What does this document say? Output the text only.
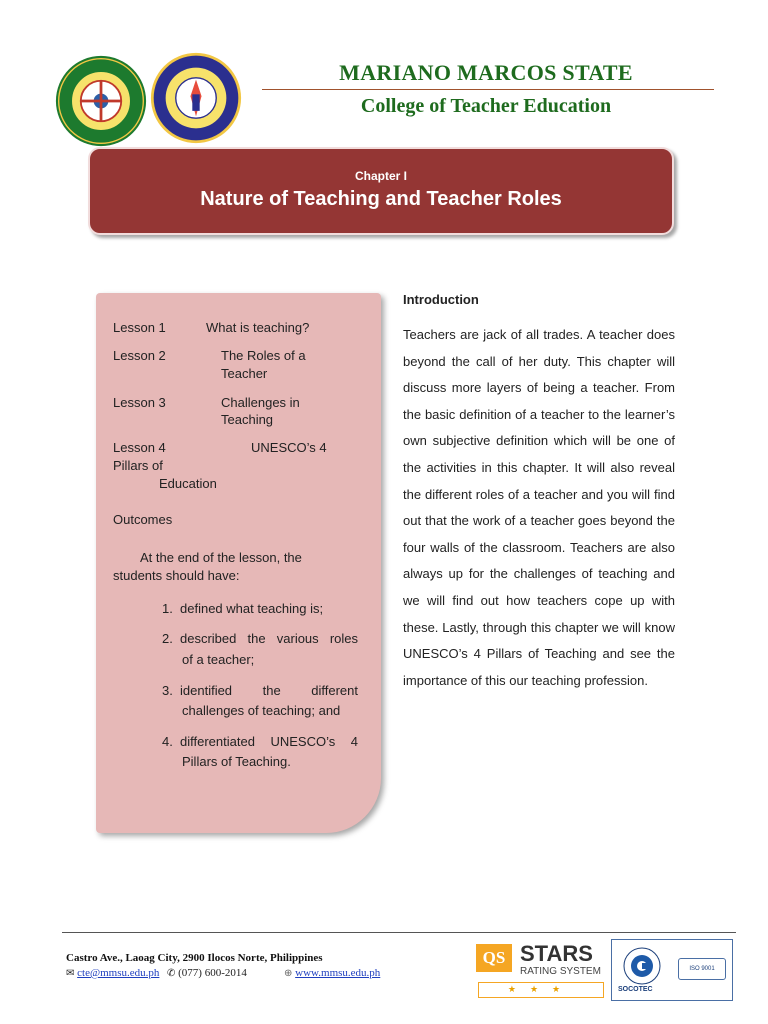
MARIANO MARCOS STATE
College of Teacher Education
Chapter I
Nature of Teaching and Teacher Roles
Lesson 1	What is teaching?
Lesson 2	The Roles of a
Teacher
Lesson 3	Challenges in
Teaching
Lesson 4	UNESCO’s 4
Pillars of
Education
Outcomes
At the end of the lesson, the
students should have:
1. defined what teaching is;
2. described the various roles
of a teacher;
3. identified the different
challenges of teaching; and
4. differentiated UNESCO’s 4
Pillars of Teaching.
Introduction
Teachers are jack of all trades. A teacher does beyond the call of her duty. This chapter will discuss more layers of being a teacher. From the basic definition of a teacher to the learner’s own subjective definition which will be one of the activities in this chapter. It will also reveal the different roles of a teacher and you will find out that the work of a teacher goes beyond the four walls of the classroom. Teachers are also always up for the challenges of teaching and we will find out how teachers cope up with these. Lastly, through this chapter we will know UNESCO’s 4 Pillars of Teaching and see the importance of this our teaching profession.
Castro Ave., Laoag City, 2900 Ilocos Norte, Philippines
✉ cte@mmsu.edu.ph ✆ (077) 600-2014	⊕ www.mmsu.edu.ph
QS STARS
RATING SYSTEM
★★★	SOCOTEC
ISO 9001
